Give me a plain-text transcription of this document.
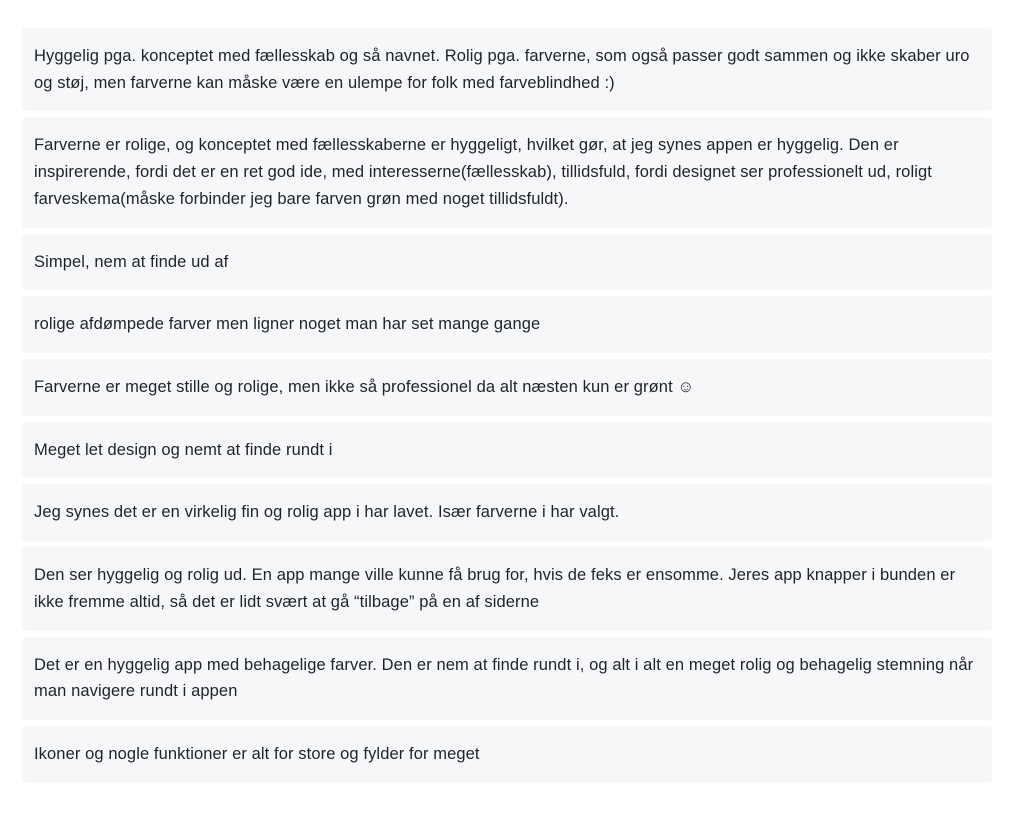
Hyggelig pga. konceptet med fællesskab og så navnet. Rolig pga. farverne, som også passer godt sammen og ikke skaber uro og støj, men farverne kan måske være en ulempe for folk med farveblindhed :)
Farverne er rolige, og konceptet med fællesskaberne er hyggeligt, hvilket gør, at jeg synes appen er hyggelig. Den er inspirerende, fordi det er en ret god ide, med interesserne(fællesskab), tillidsfuld, fordi designet ser professionelt ud, roligt farveskema(måske forbinder jeg bare farven grøn med noget tillidsfuldt).
Simpel, nem at finde ud af
rolige afdømpede farver men ligner noget man har set mange gange
Farverne er meget stille og rolige, men ikke så professionel da alt næsten kun er grønt ☺
Meget let design og nemt at finde rundt i
Jeg synes det er en virkelig fin og rolig app i har lavet. Især farverne i har valgt.
Den ser hyggelig og rolig ud. En app mange ville kunne få brug for, hvis de feks er ensomme. Jeres app knapper i bunden er ikke fremme altid, så det er lidt svært at gå “tilbage” på en af siderne
Det er en hyggelig app med behagelige farver. Den er nem at finde rundt i, og alt i alt en meget rolig og behagelig stemning når man navigere rundt i appen
Ikoner og nogle funktioner er alt for store og fylder for meget
